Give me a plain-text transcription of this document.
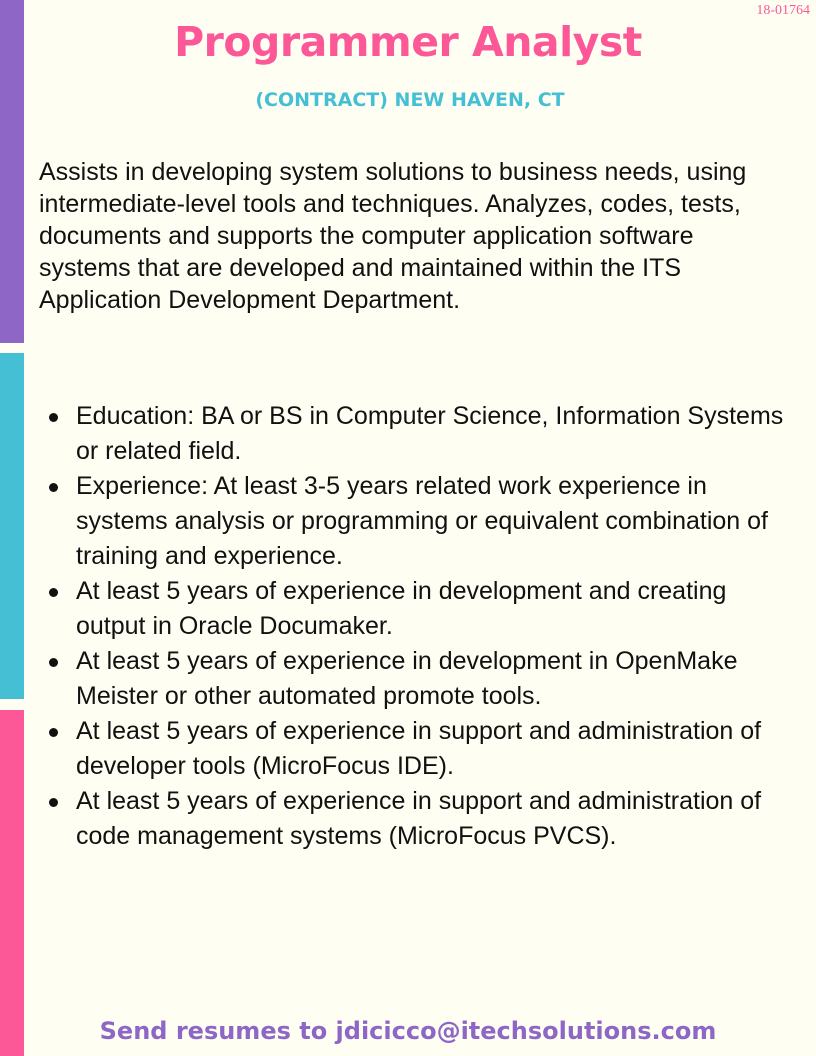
18-01764
Programmer Analyst
(CONTRACT) NEW HAVEN, CT

Assists in developing system solutions to business needs, using intermediate-level tools and techniques. Analyzes, codes, tests, documents and supports the computer application software systems that are developed and maintained within the ITS Application Development Department.

Education: BA or BS in Computer Science, Information Systems or related field.
Experience: At least 3-5 years related work experience in systems analysis or programming or equivalent combination of training and experience.
At least 5 years of experience in development and creating output in Oracle Documaker.
At least 5 years of experience in development in OpenMake Meister or other automated promote tools.
At least 5 years of experience in support and administration of developer tools (MicroFocus IDE).
At least 5 years of experience in support and administration of code management systems (MicroFocus PVCS).
Send resumes to jdicicco@itechsolutions.com
